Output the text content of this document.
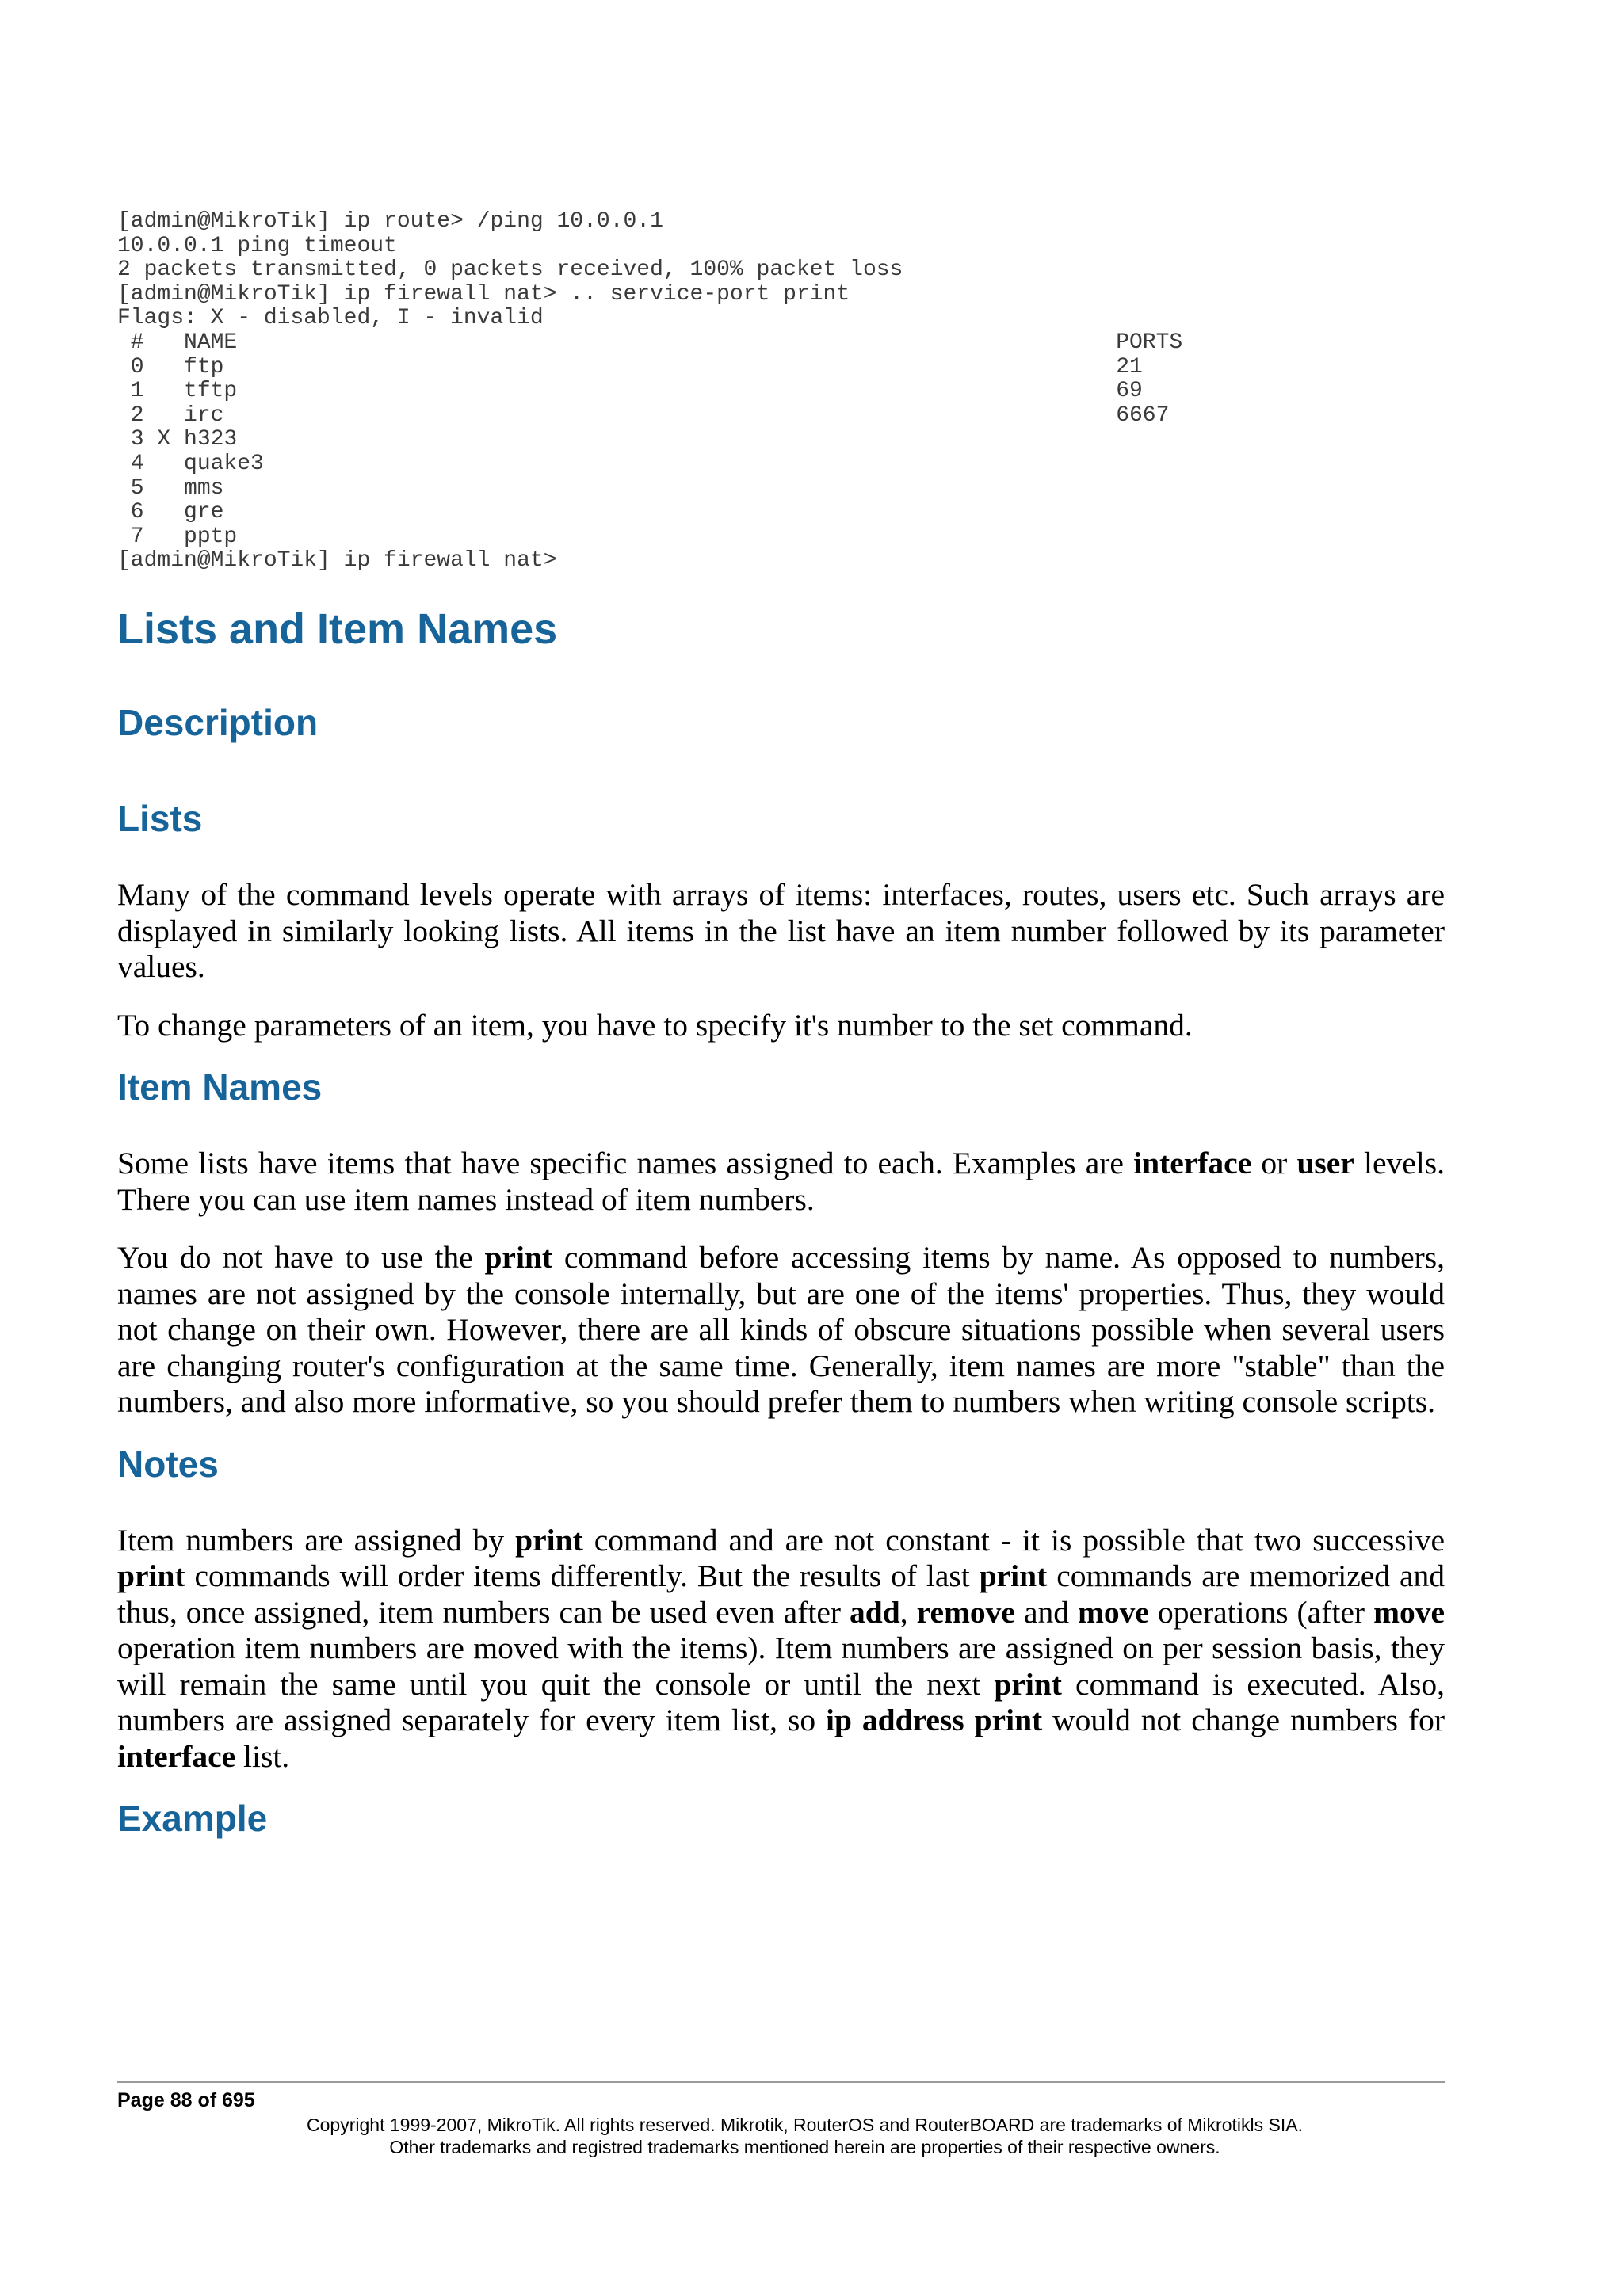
[admin@MikroTik] ip route> /ping 10.0.0.1
10.0.0.1 ping timeout
2 packets transmitted, 0 packets received, 100% packet loss
[admin@MikroTik] ip firewall nat> .. service-port print
Flags: X - disabled, I - invalid
#   NAME                                                                  PORTS
0   ftp                                                                   21
1   tftp                                                                  69
2   irc                                                                   6667
3 X h323
4   quake3
5   mms
6   gre
7   pptp
[admin@MikroTik] ip firewall nat>
Lists and Item Names
Description
Lists

Many of the command levels operate with arrays of items: interfaces, routes, users etc. Such arrays are displayed in similarly looking lists. All items in the list have an item number followed by its parameter values.

To change parameters of an item, you have to specify it's number to the set command.

Item Names

Some lists have items that have specific names assigned to each. Examples are interface or user levels. There you can use item names instead of item numbers.

You do not have to use the print command before accessing items by name. As opposed to numbers, names are not assigned by the console internally, but are one of the items' properties. Thus, they would not change on their own. However, there are all kinds of obscure situations possible when several users are changing router's configuration at the same time. Generally, item names are more "stable" than the numbers, and also more informative, so you should prefer them to numbers when writing console scripts.

Notes

Item numbers are assigned by print command and are not constant - it is possible that two successive print commands will order items differently. But the results of last print commands are memorized and thus, once assigned, item numbers can be used even after add, remove and move operations (after move operation item numbers are moved with the items). Item numbers are assigned on per session basis, they will remain the same until you quit the console or until the next print command is executed. Also, numbers are assigned separately for every item list, so ip address print would not change numbers for interface list.

Example
Page 88 of 695
Copyright 1999-2007, MikroTik. All rights reserved. Mikrotik, RouterOS and RouterBOARD are trademarks of Mikrotikls SIA.
Other trademarks and registred trademarks mentioned herein are properties of their respective owners.
